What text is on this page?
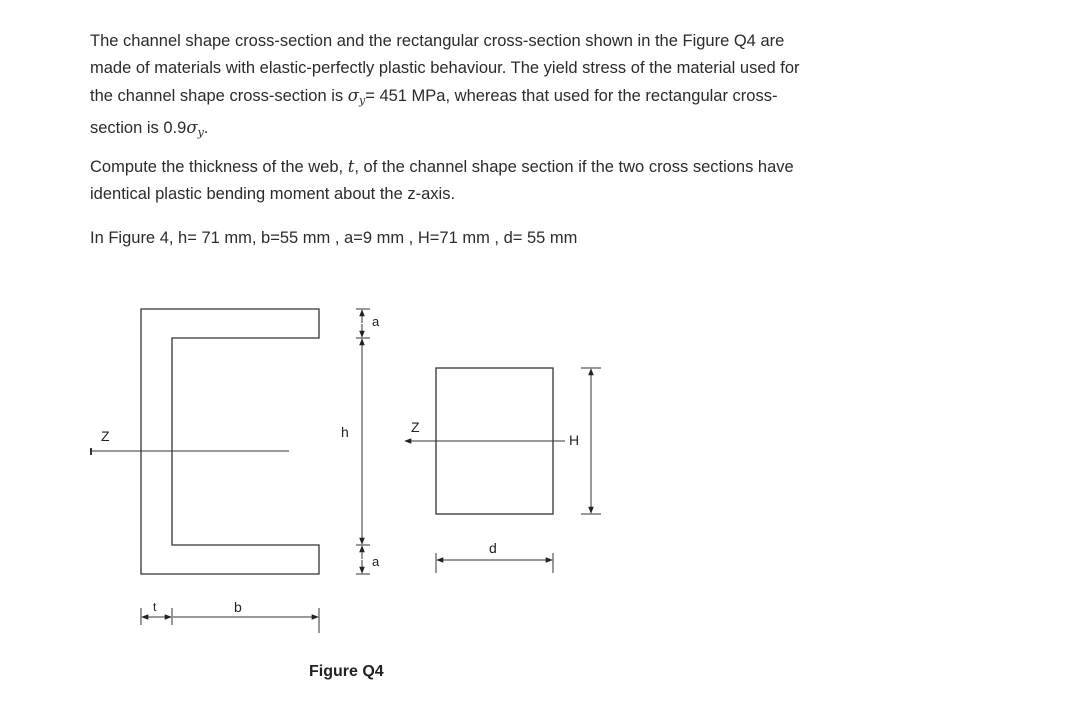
The channel shape cross-section and the rectangular cross-section shown in the Figure Q4 are
made of materials with elastic-perfectly plastic behaviour. The yield stress of the material used for
the channel shape cross-section is $\sigma_y= 451$ MPa, whereas that used for the rectangular cross-
section is $0.9\sigma_y$.

Compute the thickness of the web, t, of the channel shape section if the two cross sections have
identical plastic bending moment about the z-axis.

In Figure 4, h= 71 mm, b=55 mm , a=9 mm , H=71 mm , d= 55 mm

Z
a
h
a
t	b
Z
H
d
Figure Q4
